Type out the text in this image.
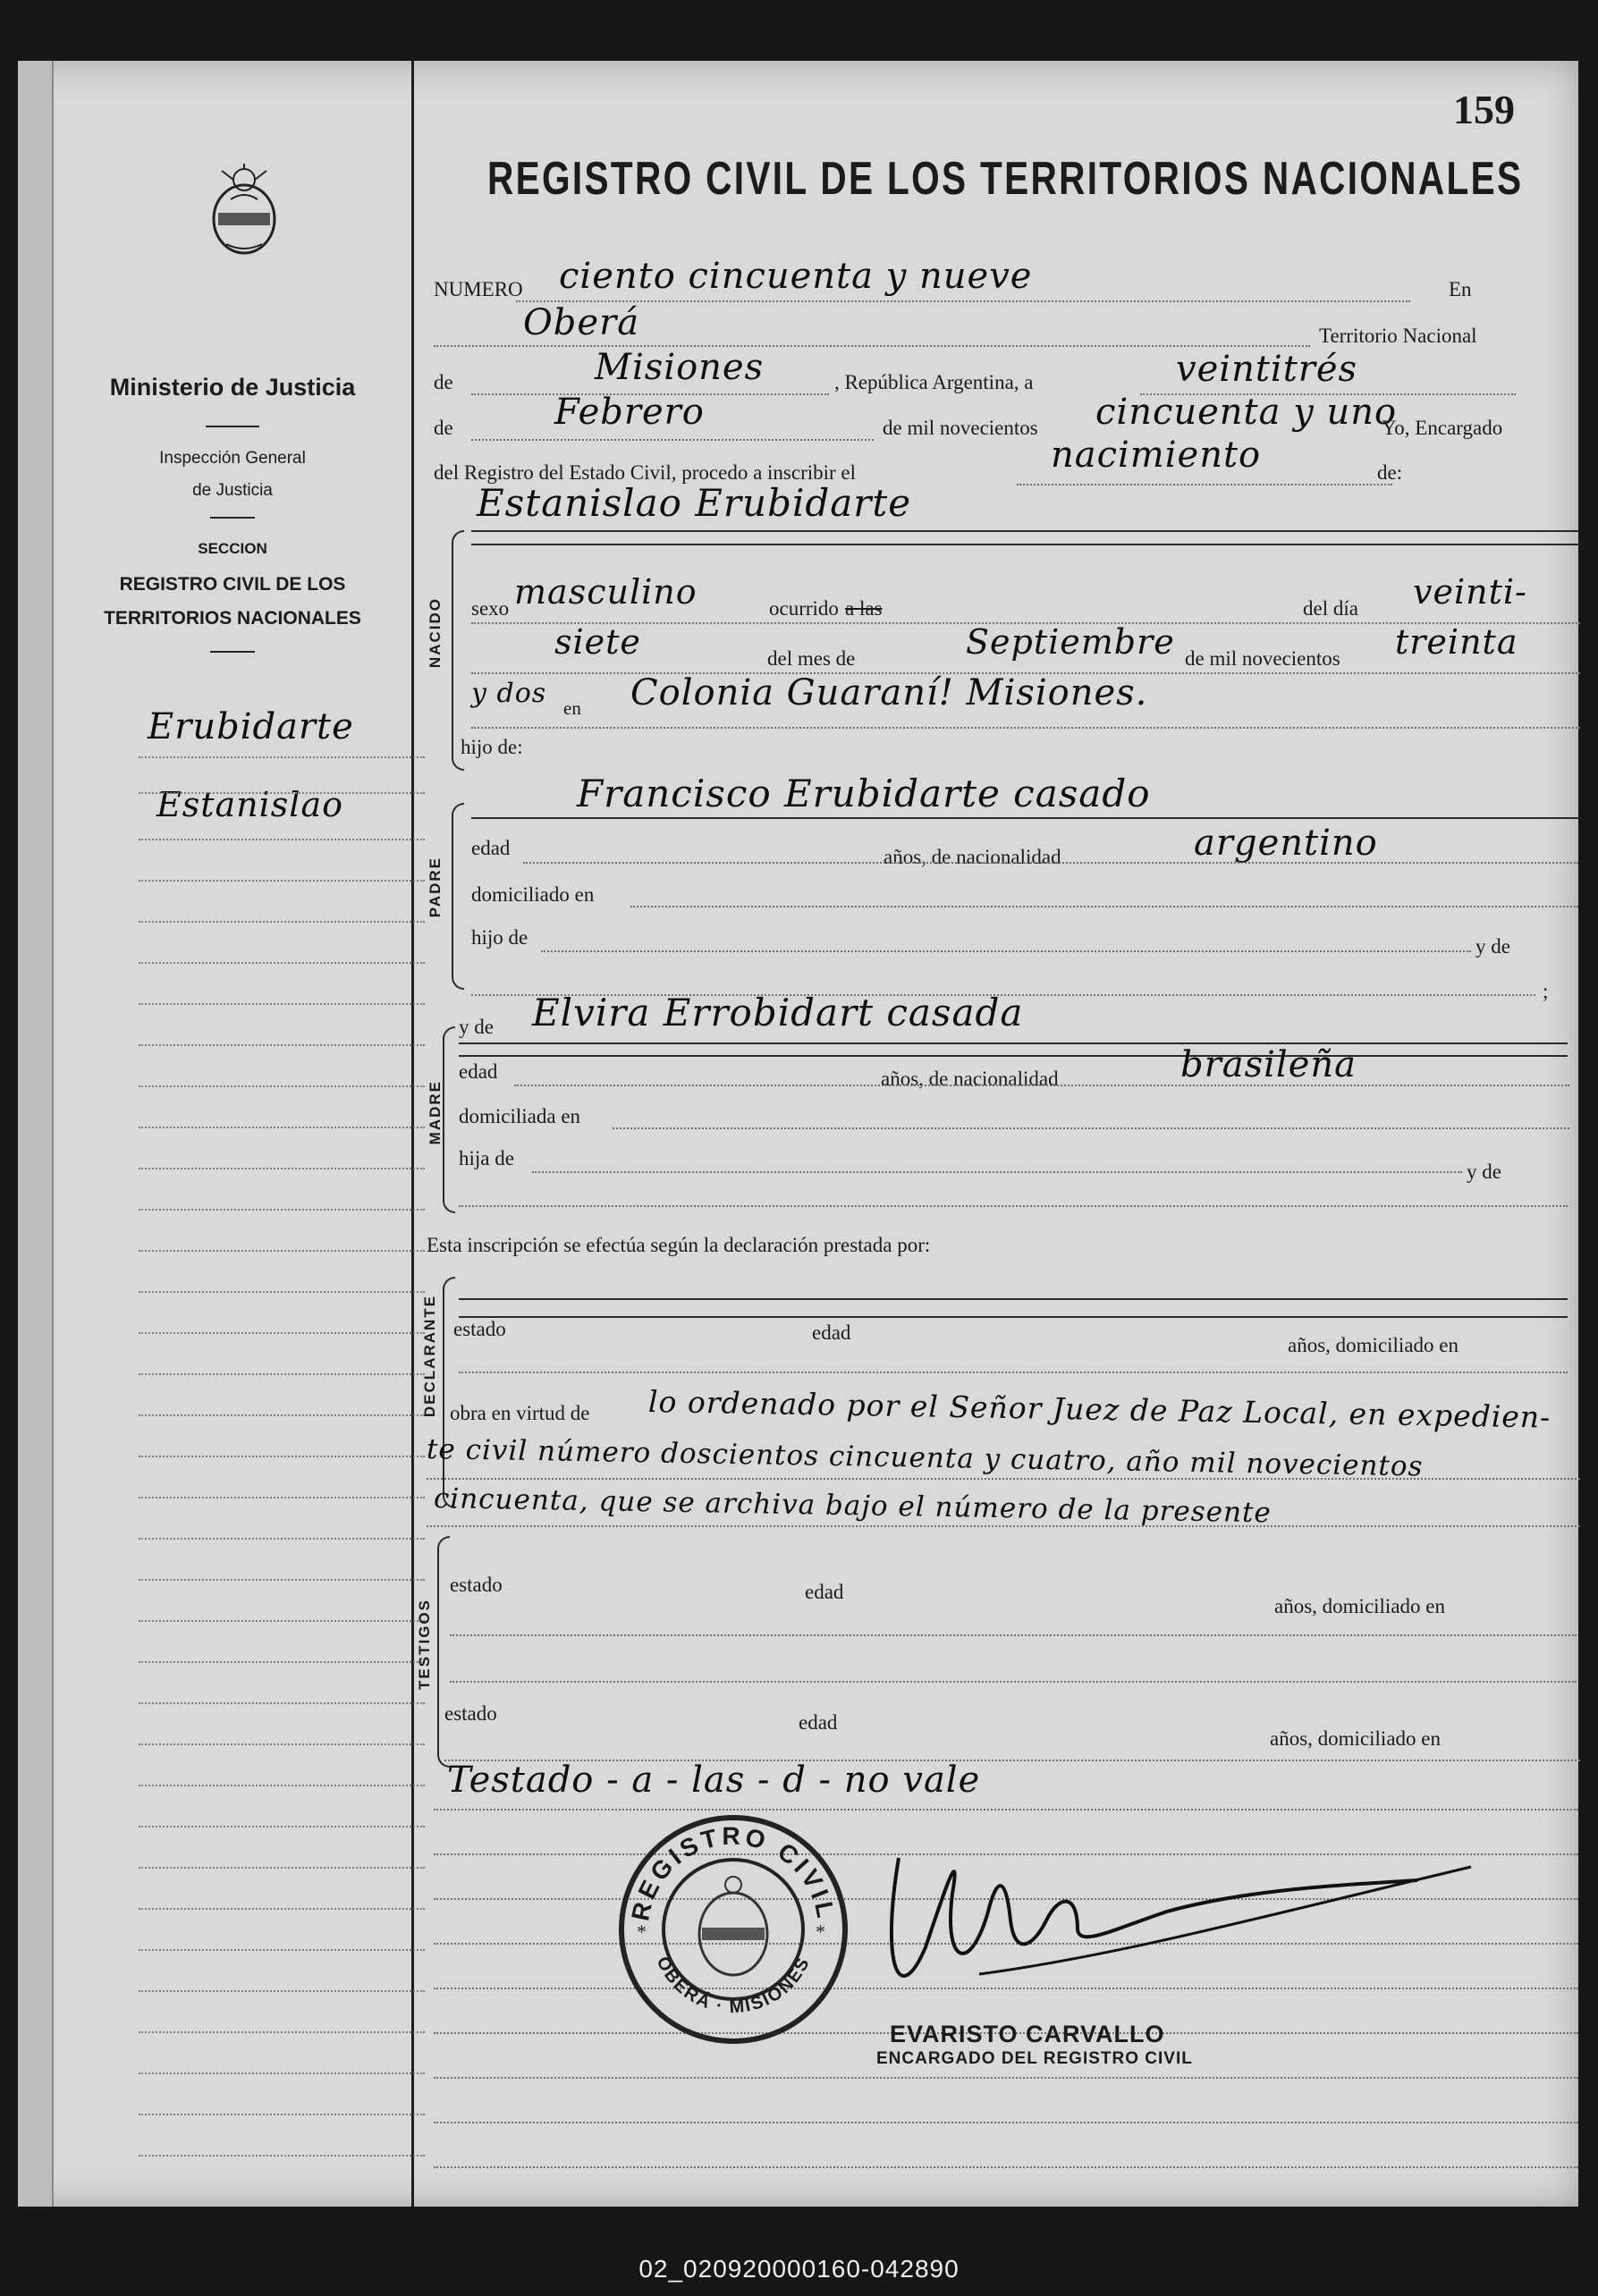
Ministerio de Justicia
Inspección General
de Justicia
SECCION
REGISTRO CIVIL DE LOS
TERRITORIOS NACIONALES
Erubidarte
Estanislao
159
REGISTRO CIVIL DE LOS TERRITORIOS NACIONALES
NUMERO ciento cincuenta y nueve	En
Oberá	Territorio Nacional
de	Misiones	, República Argentina, a	veintitrés
de	Febrero	de mil novecientos cincuenta y uno
Yo, Encargado
del Registro del Estado Civil, procedo a inscribir el	nacimiento	de:
NACIDO
Estanislao Erubidarte
sexo masculino	ocurrido a las	del día veinti-
siete	del mes de	Septiembre de mil novecientos treinta
y dos en Colonia Guaraní! Misiones.
hijo de:
PADRE
Francisco Erubidarte casado
edad	años, de nacionalidad	argentino
domiciliado en
hijo de	y de
;
MADRE
y de Elvira Errobidart casada
edad	años, de nacionalidad	brasileña
domiciliada en
hija de
y de
Esta inscripción se efectúa según la declaración prestada por:
DECLARANTE estado	edad
años, domiciliado en
obra en virtud de lo ordenado por el Señor Juez de Paz Local, en expedien-
te civil número doscientos cincuenta y cuatro, año mil novecientos
cincuenta, que se archiva bajo el número de la presente
TESTIGOS
estado	edad
años, domiciliado en
estado	edad
años, domiciliado en
Testado - a - las - d - no vale
REGISTRO CIVIL
OBERÁ · MISIONES
*	*
EVARISTO CARVALLO
ENCARGADO DEL REGISTRO CIVIL
02_020920000160-042890
